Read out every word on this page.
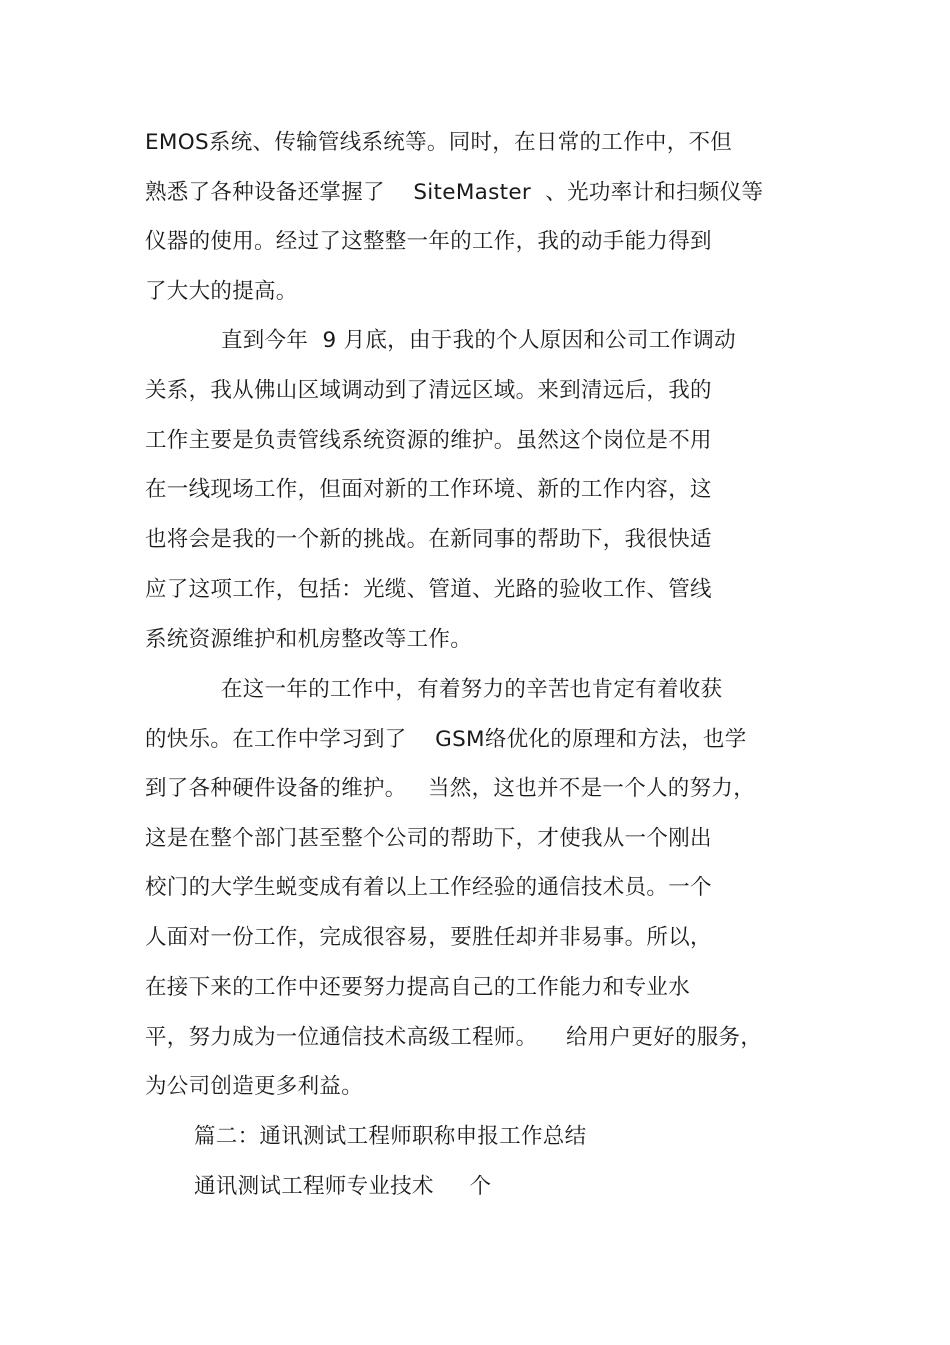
EMOS系统、传输管线系统等。同时，在日常的工作中，不但
熟悉了各种设备还掌握了    SiteMaster  、光功率计和扫频仪等
仪器的使用。经过了这整整一年的工作，我的动手能力得到
了大大的提高。
直到今年  9 月底，由于我的个人原因和公司工作调动
关系，我从佛山区域调动到了清远区域。来到清远后，我的
工作主要是负责管线系统资源的维护。虽然这个岗位是不用
在一线现场工作，但面对新的工作环境、新的工作内容，这
也将会是我的一个新的挑战。在新同事的帮助下，我很快适
应了这项工作，包括：光缆、管道、光路的验收工作、管线
系统资源维护和机房整改等工作。
在这一年的工作中，有着努力的辛苦也肯定有着收获
的快乐。在工作中学习到了    GSM络优化的原理和方法，也学
到了各种硬件设备的维护。   当然，这也并不是一个人的努力，
这是在整个部门甚至整个公司的帮助下，才使我从一个刚出
校门的大学生蜕变成有着以上工作经验的通信技术员。一个
人面对一份工作，完成很容易，要胜任却并非易事。所以，
在接下来的工作中还要努力提高自己的工作能力和专业水
平，努力成为一位通信技术高级工程师。    给用户更好的服务，
为公司创造更多利益。
篇二：通讯测试工程师职称申报工作总结
通讯测试工程师专业技术     个
